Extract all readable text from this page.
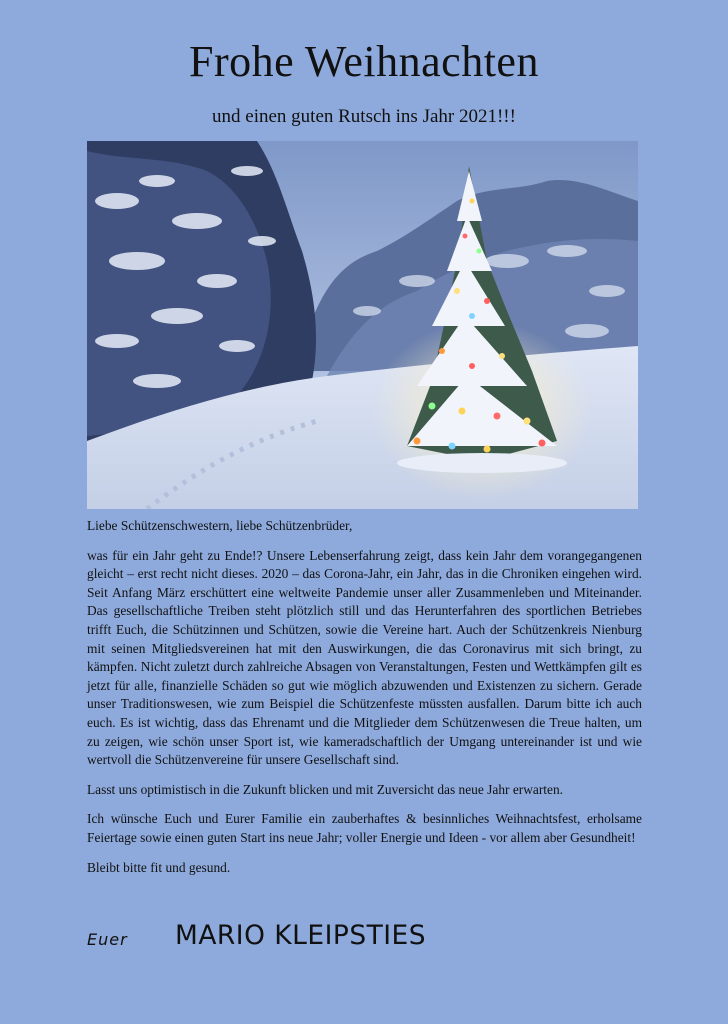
Frohe Weihnachten
und einen guten Rutsch ins Jahr 2021!!!

Liebe Schützenschwestern, liebe Schützenbrüder,

was für ein Jahr geht zu Ende!? Unsere Lebenserfahrung zeigt, dass kein Jahr dem vorangegangenen gleicht – erst recht nicht dieses. 2020 – das Corona-Jahr, ein Jahr, das in die Chroniken eingehen wird. Seit Anfang März erschüttert eine weltweite Pandemie unser aller Zusammenleben und Miteinander. Das gesellschaftliche Treiben steht plötzlich still und das Herunterfahren des sportlichen Betriebes trifft Euch, die Schützinnen und Schützen, sowie die Vereine hart. Auch der Schützenkreis Nienburg mit seinen Mitgliedsvereinen hat mit den Auswirkungen, die das Coronavirus mit sich bringt, zu kämpfen. Nicht zuletzt durch zahlreiche Absagen von Veranstaltungen, Festen und Wettkämpfen gilt es jetzt für alle, finanzielle Schäden so gut wie möglich abzuwenden und Existenzen zu sichern. Gerade unser Traditionswesen, wie zum Beispiel die Schützenfeste müssten ausfallen. Darum bitte ich auch euch. Es ist wichtig, dass das Ehrenamt und die Mitglieder dem Schützenwesen die Treue halten, um zu zeigen, wie schön unser Sport ist, wie kameradschaftlich der Umgang untereinander ist und wie wertvoll die Schützenvereine für unsere Gesellschaft sind.

Lasst uns optimistisch in die Zukunft blicken und mit Zuversicht das neue Jahr erwarten.

Ich wünsche Euch und Eurer Familie ein zauberhaftes & besinnliches Weihnachtsfest, erholsame Feiertage sowie einen guten Start ins neue Jahr; voller Energie und Ideen - vor allem aber Gesundheit!

Bleibt bitte fit und gesund.

Euer MARIO KLEIPSTIES
